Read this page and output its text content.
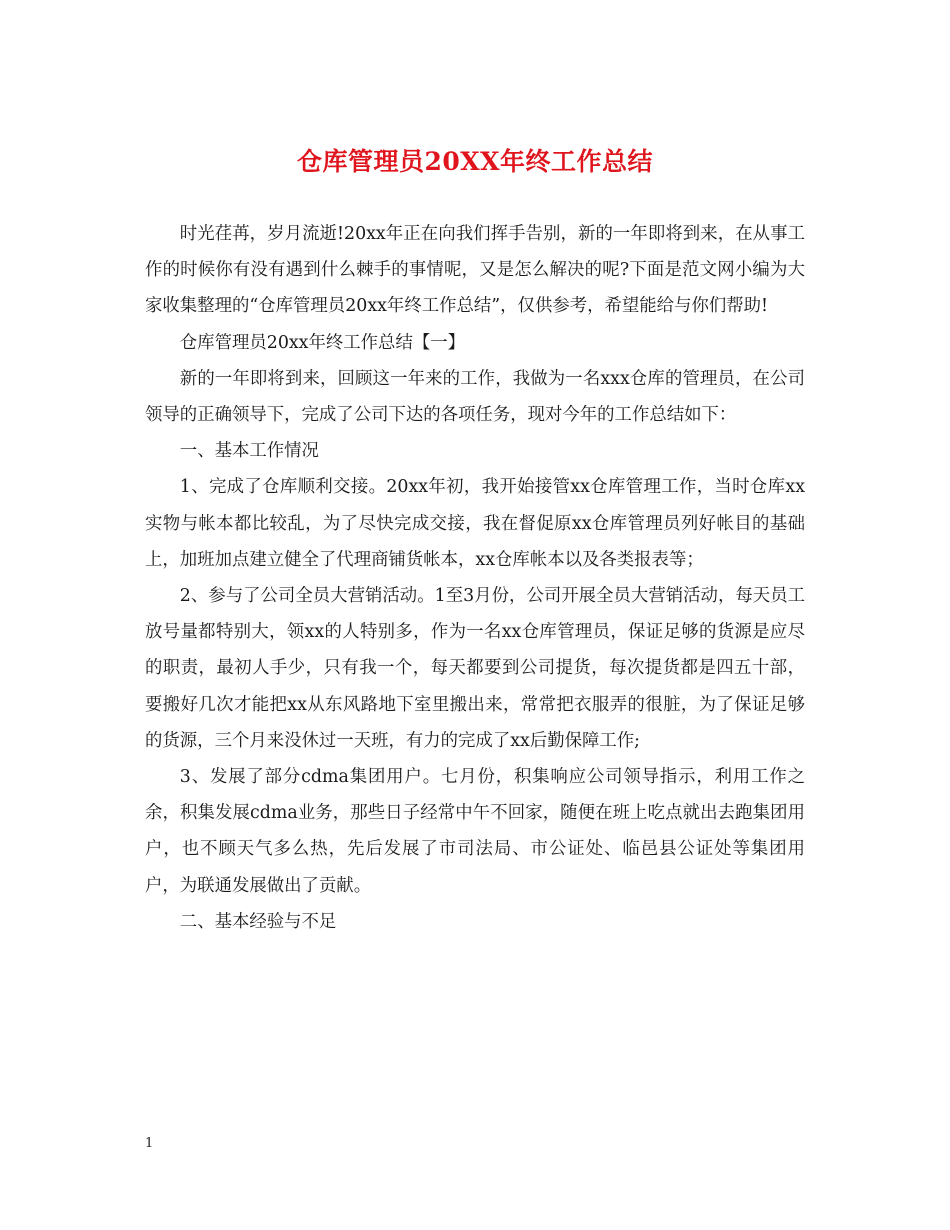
仓库管理员20XX年终工作总结

时光荏苒，岁月流逝!20xx年正在向我们挥手告别，新的一年即将到来，在从事工作的时候你有没有遇到什么棘手的事情呢，又是怎么解决的呢?下面是范文网小编为大家收集整理的“仓库管理员20xx年终工作总结”，仅供参考，希望能给与你们帮助!

仓库管理员20xx年终工作总结【一】

新的一年即将到来，回顾这一年来的工作，我做为一名xxx仓库的管理员，在公司领导的正确领导下，完成了公司下达的各项任务，现对今年的工作总结如下：

一、基本工作情况

1、完成了仓库顺利交接。20xx年初，我开始接管xx仓库管理工作，当时仓库xx实物与帐本都比较乱，为了尽快完成交接，我在督促原xx仓库管理员列好帐目的基础上，加班加点建立健全了代理商铺货帐本，xx仓库帐本以及各类报表等；

2、参与了公司全员大营销活动。1至3月份，公司开展全员大营销活动，每天员工放号量都特别大，领xx的人特别多，作为一名xx仓库管理员，保证足够的货源是应尽的职责，最初人手少，只有我一个，每天都要到公司提货，每次提货都是四五十部，要搬好几次才能把xx从东风路地下室里搬出来，常常把衣服弄的很脏，为了保证足够的货源，三个月来没休过一天班，有力的完成了xx后勤保障工作;

3、发展了部分cdma集团用户。七月份，积集响应公司领导指示，利用工作之余，积集发展cdma业务，那些日子经常中午不回家，随便在班上吃点就出去跑集团用户，也不顾天气多么热，先后发展了市司法局、市公证处、临邑县公证处等集团用户，为联通发展做出了贡献。

二、基本经验与不足

1
